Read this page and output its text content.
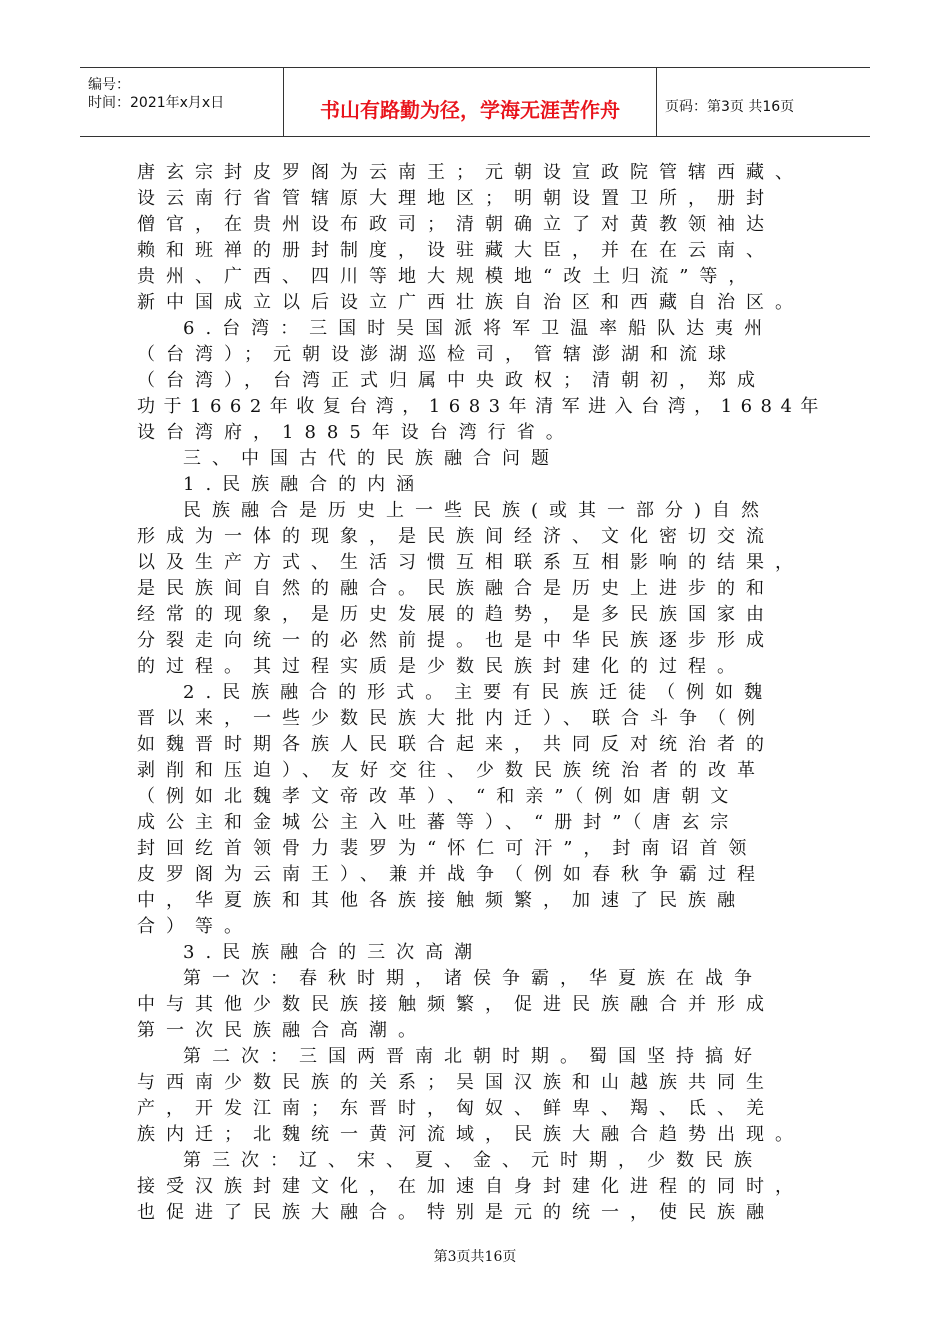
编号：
时间：2021年x月x日	书山有路勤为径，学海无涯苦作舟	页码：第3页 共16页
唐玄宗封皮罗阁为云南王；元朝设宣政院管辖西藏、
设云南行省管辖原大理地区；明朝设置卫所，册封
僧官，在贵州设布政司；清朝确立了对黄教领袖达
赖和班禅的册封制度，设驻藏大臣，并在在云南、
贵州、广西、四川等地大规模地“改土归流”等，
新中国成立以后设立广西壮族自治区和西藏自治区。
6.台湾：三国时吴国派将军卫温率船队达夷州
（台湾）；元朝设澎湖巡检司，管辖澎湖和流球
（台湾），台湾正式归属中央政权；清朝初，郑成
功于1662年收复台湾，1683年清军进入台湾，1684年
设台湾府，1885年设台湾行省。
三、中国古代的民族融合问题
1.民族融合的内涵
民族融合是历史上一些民族(或其一部分)自然
形成为一体的现象，是民族间经济、文化密切交流
以及生产方式、生活习惯互相联系互相影响的结果，
是民族间自然的融合。民族融合是历史上进步的和
经常的现象，是历史发展的趋势，是多民族国家由
分裂走向统一的必然前提。也是中华民族逐步形成
的过程。其过程实质是少数民族封建化的过程。
2.民族融合的形式。主要有民族迁徒（例如魏
晋以来，一些少数民族大批内迁）、联合斗争（例
如魏晋时期各族人民联合起来，共同反对统治者的
剥削和压迫）、友好交往、少数民族统治者的改革
（例如北魏孝文帝改革）、“和亲”（例如唐朝文
成公主和金城公主入吐蕃等）、“册封”（唐玄宗
封回纥首领骨力裴罗为“怀仁可汗”，封南诏首领
皮罗阁为云南王）、兼并战争（例如春秋争霸过程
中，华夏族和其他各族接触频繁，加速了民族融
合）等。
3.民族融合的三次高潮
第一次：春秋时期，诸侯争霸，华夏族在战争
中与其他少数民族接触频繁，促进民族融合并形成
第一次民族融合高潮。
第二次：三国两晋南北朝时期。蜀国坚持搞好
与西南少数民族的关系；吴国汉族和山越族共同生
产，开发江南；东晋时，匈奴、鲜卑、羯、氐、羌
族内迁；北魏统一黄河流域，民族大融合趋势出现。
第三次：辽、宋、夏、金、元时期，少数民族
接受汉族封建文化，在加速自身封建化进程的同时，
也促进了民族大融合。特别是元的统一，使民族融
第3页共16页
